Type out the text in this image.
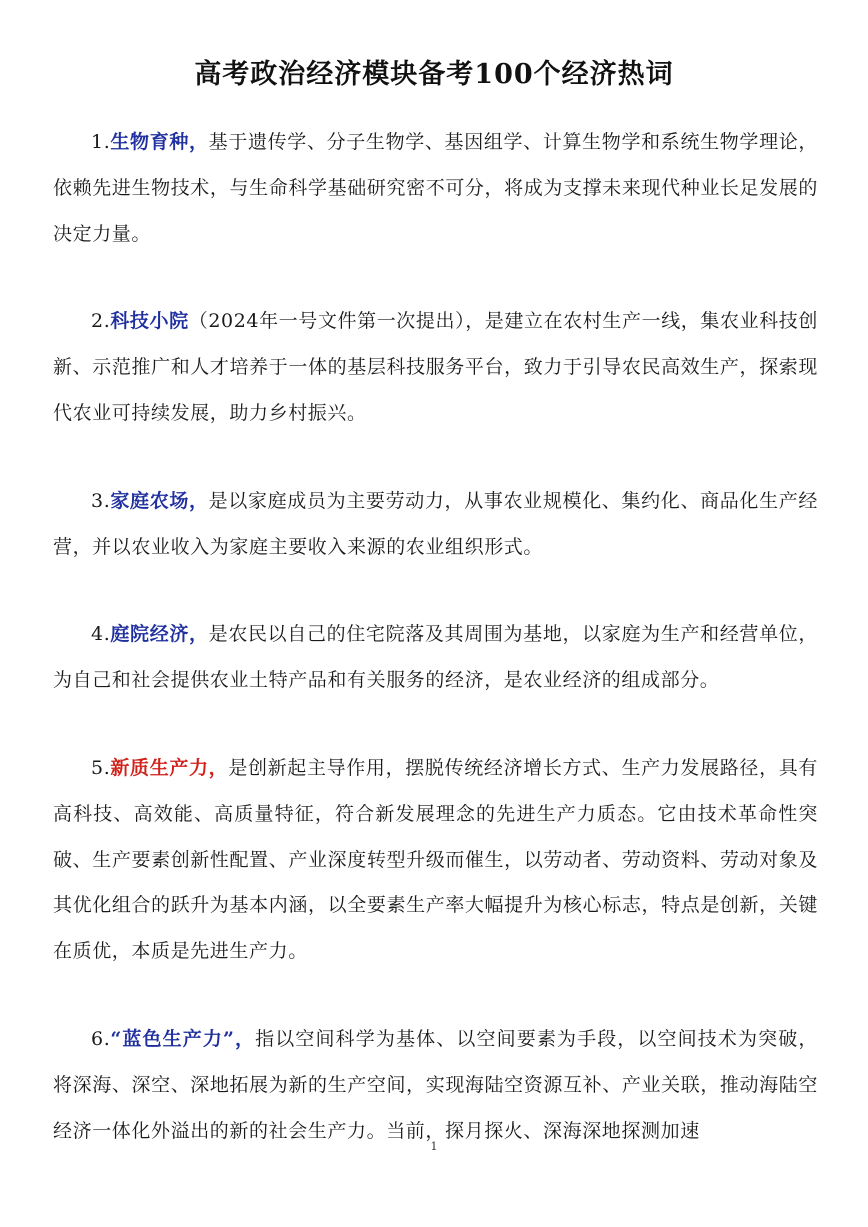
高考政治经济模块备考100个经济热词

1.生物育种，基于遗传学、分子生物学、基因组学、计算生物学和系统生物学理论，依赖先进生物技术，与生命科学基础研究密不可分，将成为支撑未来现代种业长足发展的决定力量。

2.科技小院（2024年一号文件第一次提出），是建立在农村生产一线，集农业科技创新、示范推广和人才培养于一体的基层科技服务平台，致力于引导农民高效生产，探索现代农业可持续发展，助力乡村振兴。

3.家庭农场，是以家庭成员为主要劳动力，从事农业规模化、集约化、商品化生产经营，并以农业收入为家庭主要收入来源的农业组织形式。

4.庭院经济，是农民以自己的住宅院落及其周围为基地，以家庭为生产和经营单位，为自己和社会提供农业土特产品和有关服务的经济，是农业经济的组成部分。

5.新质生产力，是创新起主导作用，摆脱传统经济增长方式、生产力发展路径，具有高科技、高效能、高质量特征，符合新发展理念的先进生产力质态。它由技术革命性突破、生产要素创新性配置、产业深度转型升级而催生，以劳动者、劳动资料、劳动对象及其优化组合的跃升为基本内涵，以全要素生产率大幅提升为核心标志，特点是创新，关键在质优，本质是先进生产力。

6.“蓝色生产力”，指以空间科学为基体、以空间要素为手段，以空间技术为突破，将深海、深空、深地拓展为新的生产空间，实现海陆空资源互补、产业关联，推动海陆空经济一体化外溢出的新的社会生产力。当前，探月探火、深海深地探测加速

1
